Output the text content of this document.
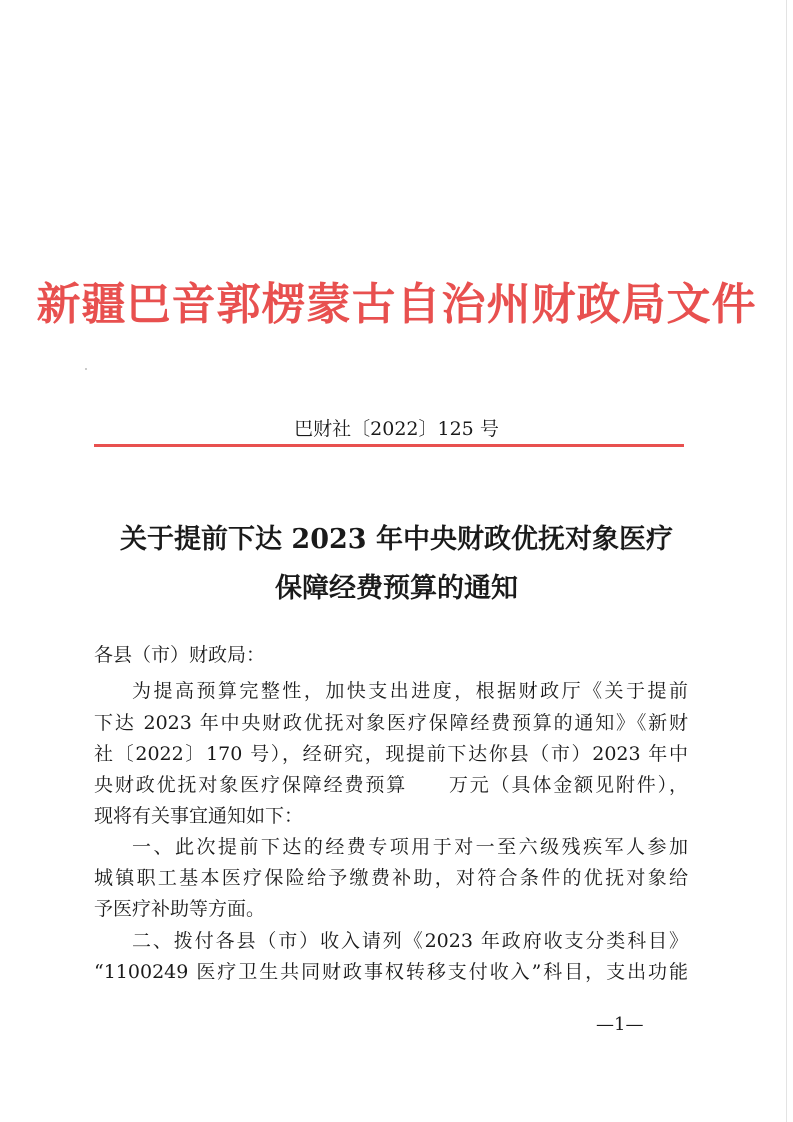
新疆巴音郭楞蒙古自治州财政局文件
巴财社〔2022〕125 号
关于提前下达 2023 年中央财政优抚对象医疗
保障经费预算的通知
各县（市）财政局：
为提高预算完整性，加快支出进度，根据财政厅《关于提前
下达 2023 年中央财政优抚对象医疗保障经费预算的通知》《新财
社〔2022〕170 号），经研究，现提前下达你县（市）2023 年中
央财政优抚对象医疗保障经费预算　　万元（具体金额见附件），
现将有关事宜通知如下：
一、此次提前下达的经费专项用于对一至六级残疾军人参加
城镇职工基本医疗保险给予缴费补助，对符合条件的优抚对象给
予医疗补助等方面。
二、拨付各县（市）收入请列《2023 年政府收支分类科目》
“1100249 医疗卫生共同财政事权转移支付收入”科目，支出功能
—1—
